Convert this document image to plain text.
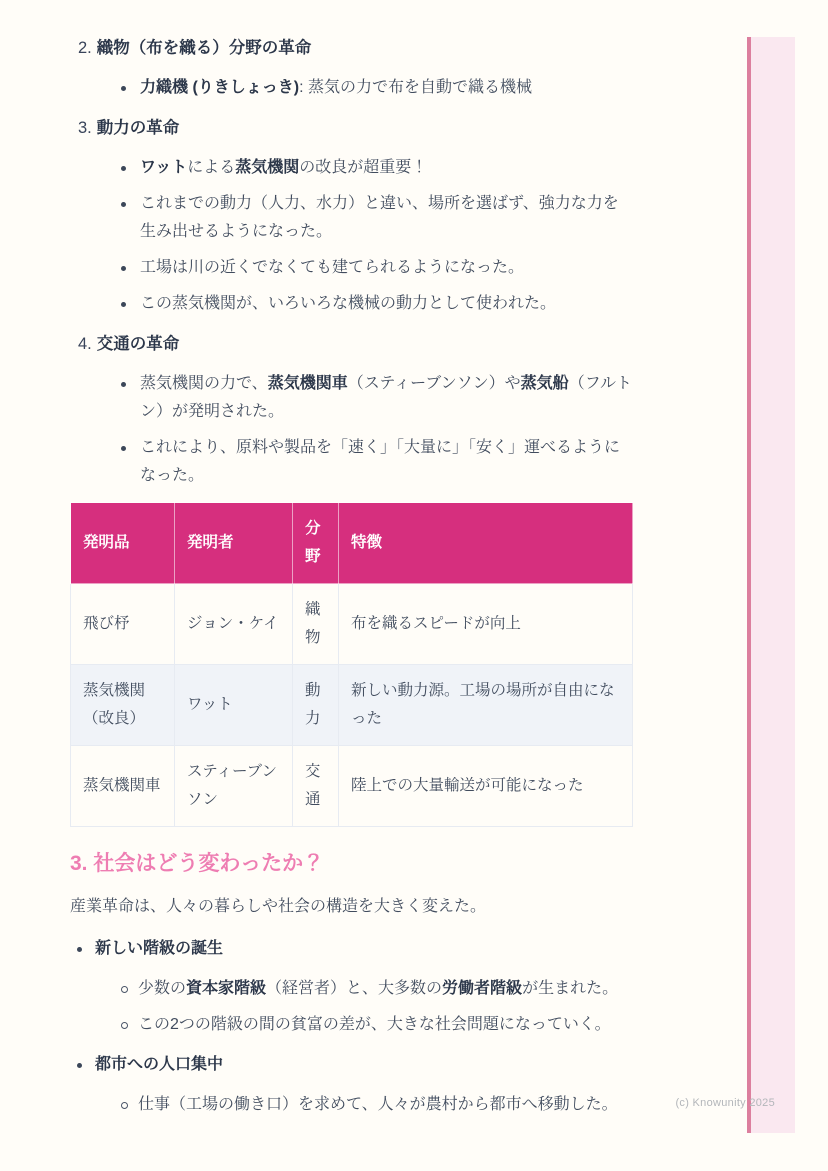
2. 織物（布を織る）分野の革命
力織機 (りきしょっき): 蒸気の力で布を自動で織る機械
3. 動力の革命
ワットによる蒸気機関の改良が超重要！
これまでの動力（人力、水力）と違い、場所を選ばず、強力な力を生み出せるようになった。
工場は川の近くでなくても建てられるようになった。
この蒸気機関が、いろいろな機械の動力として使われた。
4. 交通の革命
蒸気機関の力で、蒸気機関車（スティーブンソン）や蒸気船（フルトン）が発明された。
これにより、原料や製品を「速く」「大量に」「安く」運べるようになった。
発明品	発明者	分野	特徴
飛び杼	ジョン・ケイ	織物	布を織るスピードが向上
蒸気機関（改良）	ワット	動力	新しい動力源。工場の場所が自由になった
蒸気機関車	スティーブンソン	交通	陸上での大量輸送が可能になった
3. 社会はどう変わったか？

産業革命は、人々の暮らしや社会の構造を大きく変えた。

新しい階級の誕生
少数の資本家階級（経営者）と、大多数の労働者階級が生まれた。
この2つの階級の間の貧富の差が、大きな社会問題になっていく。
都市への人口集中
仕事（工場の働き口）を求めて、人々が農村から都市へ移動した。	(c) Knowunity 2025
